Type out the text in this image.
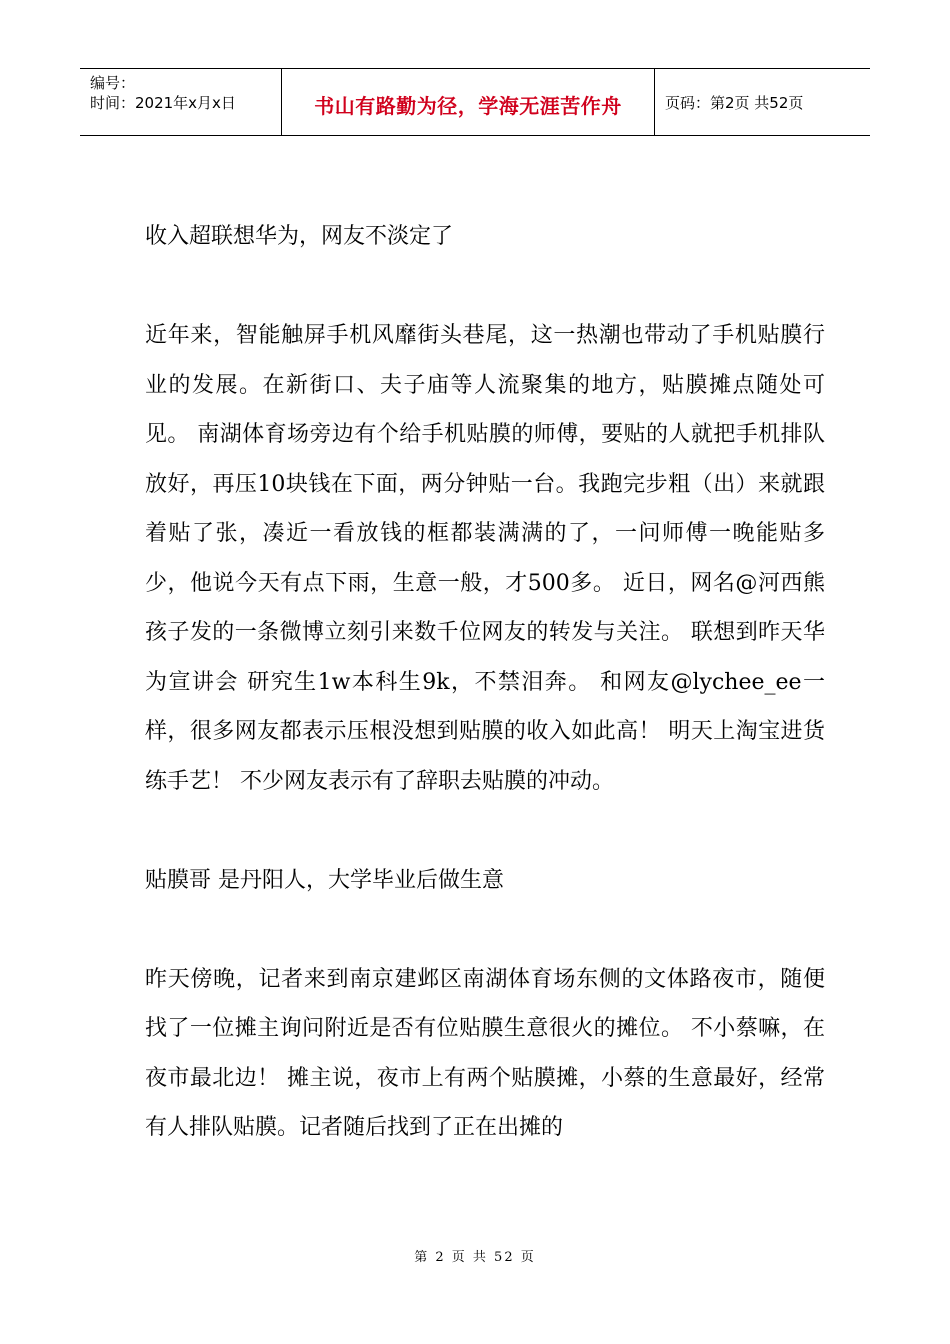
编号：
时间：2021年x月x日	书山有路勤为径，学海无涯苦作舟	页码：第2页 共52页

收入超联想华为，网友不淡定了

近年来，智能触屏手机风靡街头巷尾，这一热潮也带动了手机贴膜行业的发展。在新街口、夫子庙等人流聚集的地方，贴膜摊点随处可见。 南湖体育场旁边有个给手机贴膜的师傅，要贴的人就把手机排队放好，再压10块钱在下面，两分钟贴一台。我跑完步粗（出）来就跟着贴了张，凑近一看放钱的框都装满满的了，一问师傅一晚能贴多少，他说今天有点下雨，生意一般，才500多。 近日，网名@河西熊孩子发的一条微博立刻引来数千位网友的转发与关注。 联想到昨天华为宣讲会 研究生1w本科生9k，不禁泪奔。 和网友@lychee_ee一样，很多网友都表示压根没想到贴膜的收入如此高！ 明天上淘宝进货练手艺！ 不少网友表示有了辞职去贴膜的冲动。

贴膜哥 是丹阳人，大学毕业后做生意

昨天傍晚，记者来到南京建邺区南湖体育场东侧的文体路夜市，随便找了一位摊主询问附近是否有位贴膜生意很火的摊位。 不小蔡嘛，在夜市最北边！ 摊主说，夜市上有两个贴膜摊，小蔡的生意最好，经常有人排队贴膜。记者随后找到了正在出摊的

第 2 页 共 52 页
